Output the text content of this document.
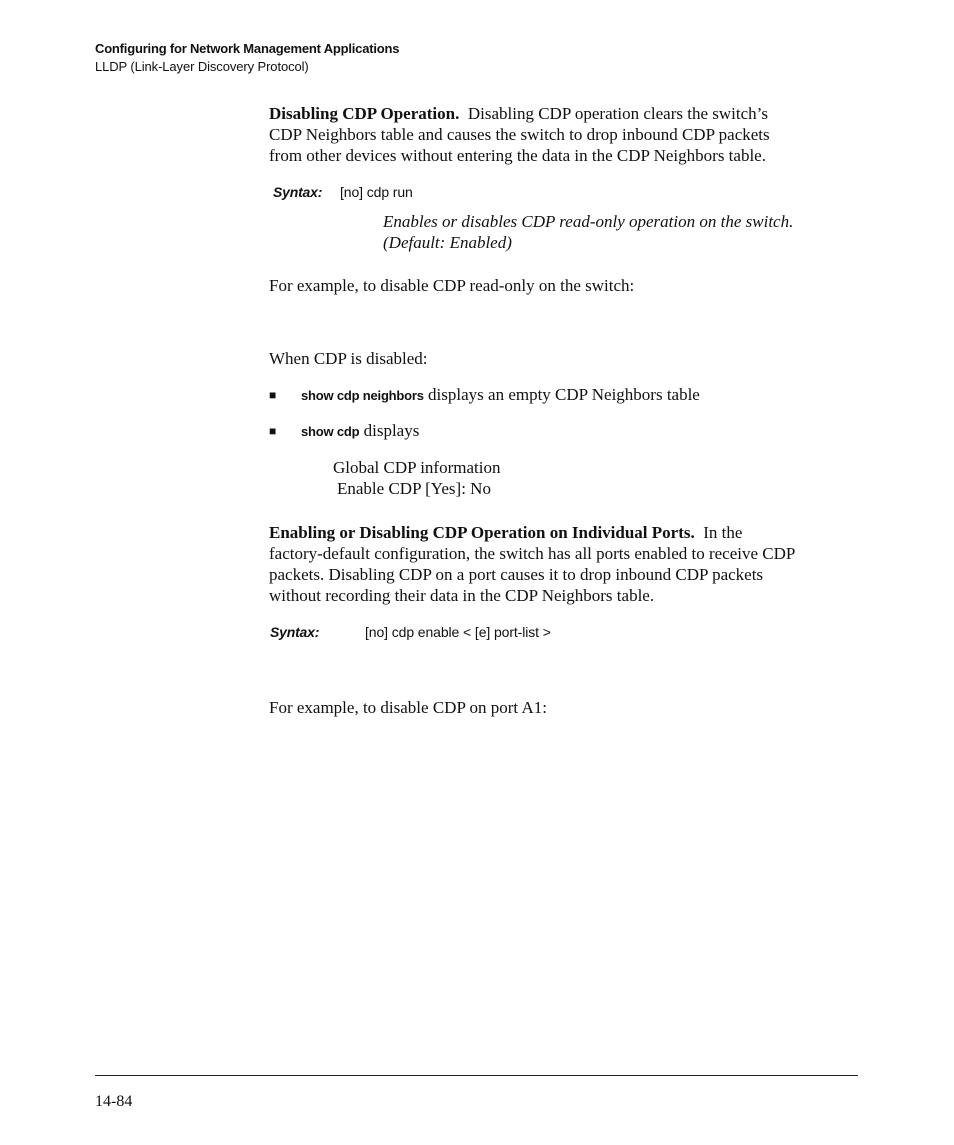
Configuring for Network Management Applications
LLDP (Link-Layer Discovery Protocol)
Disabling CDP Operation. Disabling CDP operation clears the switch’s
CDP Neighbors table and causes the switch to drop inbound CDP packets
from other devices without entering the data in the CDP Neighbors table.
Syntax: [no] cdp run
Enables or disables CDP read-only operation on the switch.
(Default: Enabled)
For example, to disable CDP read-only on the switch:
When CDP is disabled:
■ show cdp neighbors displays an empty CDP Neighbors table
■ show cdp displays
Global CDP information
Enable CDP [Yes]: No
Enabling or Disabling CDP Operation on Individual Ports. In the
factory-default configuration, the switch has all ports enabled to receive CDP
packets. Disabling CDP on a port causes it to drop inbound CDP packets
without recording their data in the CDP Neighbors table.
Syntax:	[no] cdp enable < [e] port-list >
For example, to disable CDP on port A1:
14-84
